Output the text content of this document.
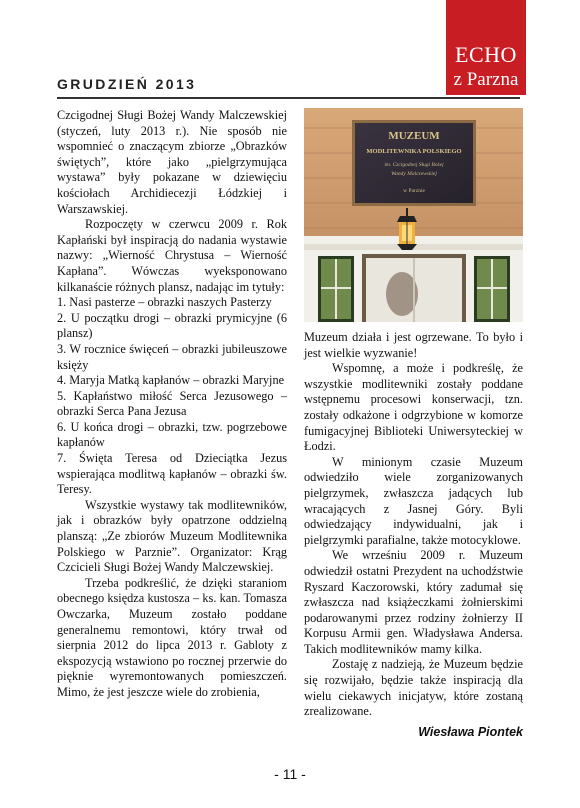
GRUDZIEŃ 2013
ECHO
z Parzna

Czcigodnej Sługi Bożej Wandy Malczewskiej (styczeń, luty 2013 r.). Nie sposób nie wspomnieć o znaczącym zbiorze „Obrazków świętych”, które jako „pielgrzymująca wystawa” były pokazane w dziewięciu kościołach Archidiecezji Łódzkiej i Warszawskiej.

Rozpoczęty w czerwcu 2009 r. Rok Kapłański był inspiracją do nadania wystawie nazwy: „Wierność Chrystusa – Wierność Kapłana”. Wówczas wyeksponowano kilkanaście różnych plansz, nadając im tytuły:

1. Nasi pasterze – obrazki naszych Pasterzy

2. U początku drogi – obrazki prymicyjne (6 plansz)

3. W rocznice święceń – obrazki jubileuszowe księży

4. Maryja Matką kapłanów – obrazki Maryjne

5. Kapłaństwo miłość Serca Jezusowego – obrazki Serca Pana Jezusa

6. U końca drogi – obrazki, tzw. pogrzebowe kapłanów

7. Święta Teresa od Dzieciątka Jezus wspierająca modlitwą kapłanów – obrazki św. Teresy.

Wszystkie wystawy tak modlitewników, jak i obrazków były opatrzone oddzielną planszą: „Ze zbiorów Muzeum Modlitewnika Polskiego w Parznie”. Organizator: Krąg Czcicieli Sługi Bożej Wandy Malczewskiej.

Trzeba podkreślić, że dzięki staraniom obecnego księdza kustosza – ks. kan. Tomasza Owczarka, Muzeum zostało poddane generalnemu remontowi, który trwał od sierpnia 2012 do lipca 2013 r. Gabloty z ekspozycją wstawiono po rocznej przerwie do pięknie wyremontowanych pomieszczeń. Mimo, że jest jeszcze wiele do zrobienia,

MUZEUM
MODLITEWNIKA POLSKIEGO
im. Czcigodnej Sługi Bożej
Wandy Malczewskiej
w Parznie

Muzeum działa i jest ogrzewane. To było i jest wielkie wyzwanie!

Wspomnę, a może i podkreślę, że wszystkie modlitewniki zostały poddane wstępnemu procesowi konserwacji, tzn. zostały odkażone i odgrzybione w komorze fumigacyjnej Biblioteki Uniwersyteckiej w Łodzi.

W minionym czasie Muzeum odwiedziło wiele zorganizowanych pielgrzymek, zwłaszcza jadących lub wracających z Jasnej Góry. Byli odwiedzający indywidualni, jak i pielgrzymki parafialne, także motocyklowe.

We wrześniu 2009 r. Muzeum odwiedził ostatni Prezydent na uchodźstwie Ryszard Kaczorowski, który zadumał się zwłaszcza nad książeczkami żołnierskimi podarowanymi przez rodziny żołnierzy II Korpusu Armii gen. Władysława Andersa. Takich modlitewników mamy kilka.

Zostaję z nadzieją, że Muzeum będzie się rozwijało, będzie także inspiracją dla wielu ciekawych inicjatyw, które zostaną zrealizowane.

Wiesława Piontek
- 11 -
